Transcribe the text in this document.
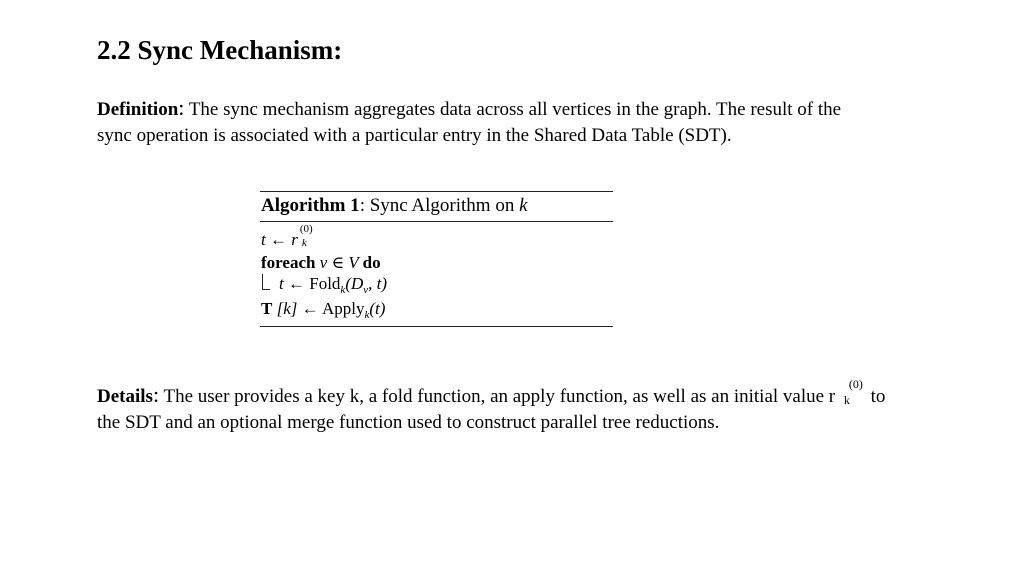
2.2 Sync Mechanism:

Definition: The sync mechanism aggregates data across all vertices in the graph. The result of the sync operation is associated with a particular entry in the Shared Data Table (SDT).

Algorithm 1: Sync Algorithm on k
t ← r
(0)
k
foreach v ∈ V do
t ← $Fold_k(D_v$, t)
T [k] ← Apply$_k$(t)

Details: The user provides a key k, a fold function, an apply function, as well as an initial value r k
(0)
to the SDT and an optional merge function used to construct parallel tree reductions.
